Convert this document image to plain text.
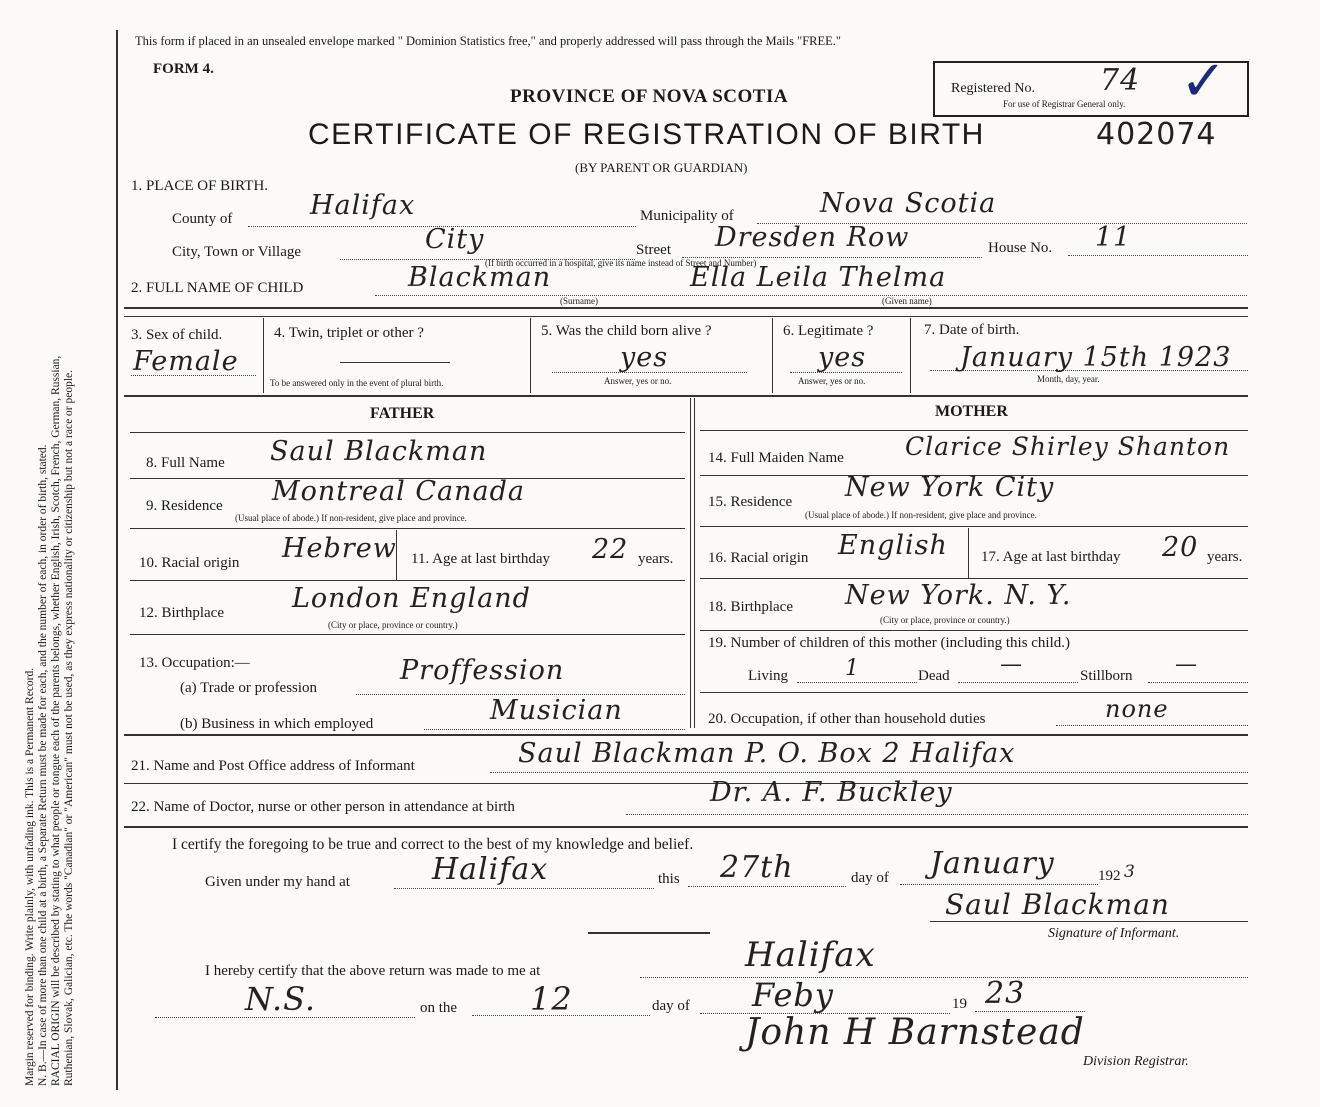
Margin reserved for binding. Write plainly, with unfading ink. This is a Permanent Record. N. B.—In case of more than one child at a birth, a Separate Return must be made for each, and the number of each, in order of birth, stated. RACIAL ORIGIN will be described by stating to what people or tongue each of the parents belongs, whether English, Irish, Scotch, French, German, Russian, Ruthenian, Slovak, Galician, etc. The words "Canadian" or "American" must not be used, as they express nationality or citizenship but not a race or people.
This form if placed in an unsealed envelope marked " Dominion Statistics free," and properly addressed will pass through the Mails "FREE."
FORM 4.
PROVINCE OF NOVA SCOTIA
CERTIFICATE OF REGISTRATION OF BIRTH	402074
(BY PARENT OR GUARDIAN)
Registered No. 74
For use of Registrar General only. ✓
1. PLACE OF BIRTH.
County of	Halifax	Municipality of	Nova Scotia
City, Town or Village	City	Street Dresden Row	House No. 11
(If birth occurred in a hospital, give its name instead of Street and Number)
2. FULL NAME OF CHILD	Blackman	Ella Leila Thelma
(Surname)	(Given name)
3. Sex of child.
Female
4. Twin, triplet or other ?
To be answered only in the event of plural birth.
5. Was the child born alive ?
yes
Answer, yes or no.
6. Legitimate ?
yes
Answer, yes or no.
7. Date of birth.
January 15th 1923
Month, day, year.
FATHER	MOTHER
8. Full Name Saul Blackman	14. Full Maiden Name Clarice Shirley Shanton
9. Residence Montreal Canada
(Usual place of abode.) If non-resident, give place and province.
15. Residence New York City
(Usual place of abode.) If non-resident, give place and province.
10. Racial origin Hebrew 11. Age at last birthday 22 years. 16. Racial origin English 17. Age at last birthday 20 years.
12. Birthplace	London England
(City or place, province or country.)
18. Birthplace New York. N. Y.
(City or place, province or country.)
13. Occupation:—
(a) Trade or profession
Proffession
(b) Business in which employed	Musician
19. Number of children of this mother (including this child.)
Living	1	Dead —	Stillborn —
20. Occupation, if other than household duties	none
21. Name and Post Office address of Informant	Saul Blackman P. O. Box 2 Halifax
22. Name of Doctor, nurse or other person in attendance at birth	Dr. A. F. Buckley
I certify the foregoing to be true and correct to the best of my knowledge and belief.
Given under my hand at	Halifax	this 27th	day of January	192 3
Saul Blackman
Signature of Informant.
I hereby certify that the above return was made to me at	Halifax
N.S.	on the 12	day of Feby	19 23
John H Barnstead
Division Registrar.
